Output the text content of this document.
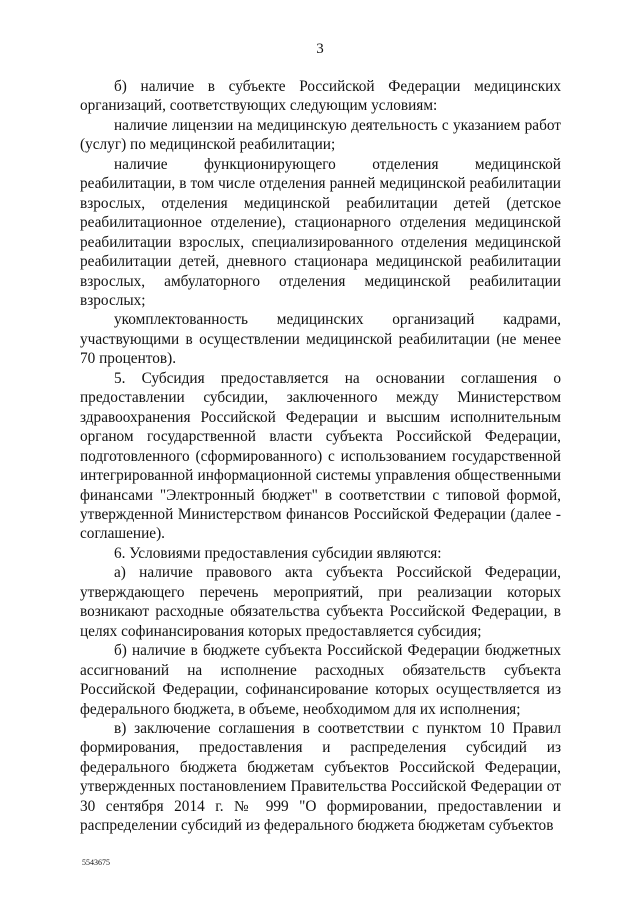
3

б) наличие в субъекте Российской Федерации медицинских организаций, соответствующих следующим условиям:

наличие лицензии на медицинскую деятельность с указанием работ (услуг) по медицинской реабилитации;

наличие функционирующего отделения медицинской реабилитации, в том числе отделения ранней медицинской реабилитации взрослых, отделения медицинской реабилитации детей (детское реабилитационное отделение), стационарного отделения медицинской реабилитации взрослых, специализированного отделения медицинской реабилитации детей, дневного стационара медицинской реабилитации взрослых, амбулаторного отделения медицинской реабилитации взрослых;

укомплектованность медицинских организаций кадрами, участвующими в осуществлении медицинской реабилитации (не менее 70 процентов).

5. Субсидия предоставляется на основании соглашения о предоставлении субсидии, заключенного между Министерством здравоохранения Российской Федерации и высшим исполнительным органом государственной власти субъекта Российской Федерации, подготовленного (сформированного) с использованием государственной интегрированной информационной системы управления общественными финансами "Электронный бюджет" в соответствии с типовой формой, утвержденной Министерством финансов Российской Федерации (далее - соглашение).

6. Условиями предоставления субсидии являются:

а) наличие правового акта субъекта Российской Федерации, утверждающего перечень мероприятий, при реализации которых возникают расходные обязательства субъекта Российской Федерации, в целях софинансирования которых предоставляется субсидия;

б) наличие в бюджете субъекта Российской Федерации бюджетных ассигнований на исполнение расходных обязательств субъекта Российской Федерации, софинансирование которых осуществляется из федерального бюджета, в объеме, необходимом для их исполнения;

в) заключение соглашения в соответствии с пунктом 10 Правил формирования, предоставления и распределения субсидий из федерального бюджета бюджетам субъектов Российской Федерации, утвержденных постановлением Правительства Российской Федерации от 30 сентября 2014 г. № 999 "О формировании, предоставлении и распределении субсидий из федерального бюджета бюджетам субъектов

5543675
